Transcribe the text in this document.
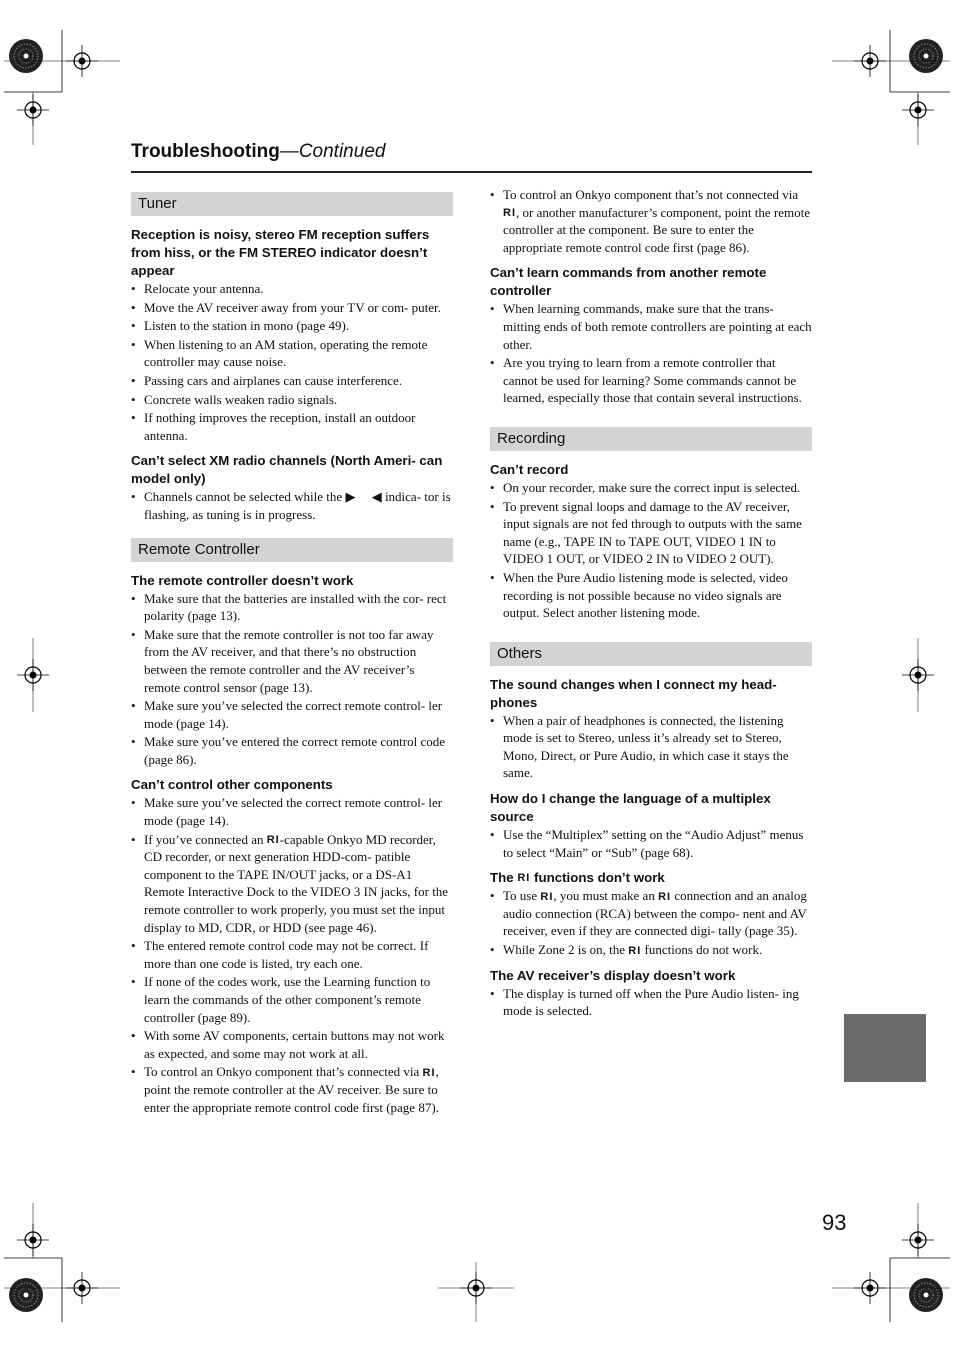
Troubleshooting—Continued
Tuner

Reception is noisy, stereo FM reception suffers from hiss, or the FM STEREO indicator doesn’t appear

• Relocate your antenna.
• Move the AV receiver away from your TV or com- puter.
• Listen to the station in mono (page 49).
• When listening to an AM station, operating the remote controller may cause noise.
• Passing cars and airplanes can cause interference.
• Concrete walls weaken radio signals.
• If nothing improves the reception, install an outdoor antenna.

Can’t select XM radio channels (North Ameri- can model only)

• Channels cannot be selected while the ▶ ◀ indica- tor is flashing, as tuning is in progress.
Remote Controller

The remote controller doesn’t work

• Make sure that the batteries are installed with the cor- rect polarity (page 13).
• Make sure that the remote controller is not too far away from the AV receiver, and that there’s no obstruction between the remote controller and the AV receiver’s remote control sensor (page 13).
• Make sure you’ve selected the correct remote control- ler mode (page 14).
• Make sure you’ve entered the correct remote control code (page 86).

Can’t control other components

• Make sure you’ve selected the correct remote control- ler mode (page 14).
• If you’ve connected an RI-capable Onkyo MD recorder, CD recorder, or next generation HDD-com- patible component to the TAPE IN/OUT jacks, or a DS-A1 Remote Interactive Dock to the VIDEO 3 IN jacks, for the remote controller to work properly, you must set the input display to MD, CDR, or HDD (see page 46).
• The entered remote control code may not be correct. If more than one code is listed, try each one.
• If none of the codes work, use the Learning function to learn the commands of the other component’s remote controller (page 89).
• With some AV components, certain buttons may not work as expected, and some may not work at all.
• To control an Onkyo component that’s connected via RI, point the remote controller at the AV receiver. Be sure to enter the appropriate remote control code first (page 87).
• To control an Onkyo component that’s not connected via RI, or another manufacturer’s component, point the remote controller at the component. Be sure to enter the appropriate remote control code first (page 86).

Can’t learn commands from another remote controller

• When learning commands, make sure that the trans- mitting ends of both remote controllers are pointing at each other.
• Are you trying to learn from a remote controller that cannot be used for learning? Some commands cannot be learned, especially those that contain several instructions.
Recording

Can’t record

• On your recorder, make sure the correct input is selected.
• To prevent signal loops and damage to the AV receiver, input signals are not fed through to outputs with the same name (e.g., TAPE IN to TAPE OUT, VIDEO 1 IN to VIDEO 1 OUT, or VIDEO 2 IN to VIDEO 2 OUT).
• When the Pure Audio listening mode is selected, video recording is not possible because no video signals are output. Select another listening mode.
Others

The sound changes when I connect my head- phones

• When a pair of headphones is connected, the listening mode is set to Stereo, unless it’s already set to Stereo, Mono, Direct, or Pure Audio, in which case it stays the same.

How do I change the language of a multiplex source

• Use the “Multiplex” setting on the “Audio Adjust” menus to select “Main” or “Sub” (page 68).

The RI functions don’t work

• To use RI, you must make an RI connection and an analog audio connection (RCA) between the compo- nent and AV receiver, even if they are connected digi- tally (page 35).
• While Zone 2 is on, the RI functions do not work.

The AV receiver’s display doesn’t work

• The display is turned off when the Pure Audio listen- ing mode is selected.
93
